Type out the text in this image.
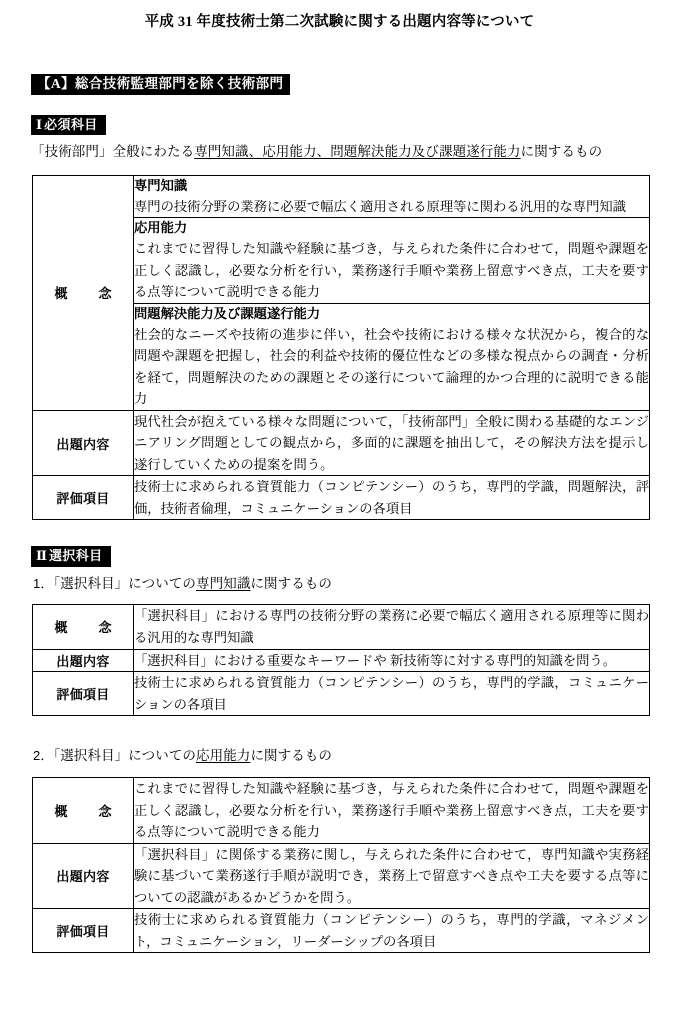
平成 31 年度技術士第二次試験に関する出題内容等について
【A】総合技術監理部門を除く技術部門
Ⅰ必須科目

「技術部門」全般にわたる専門知識、応用能力、問題解決能力及び課題遂行能力に関するもの

概　念	専門知識
専門の技術分野の業務に必要で幅広く適用される原理等に関わる汎用的な専門知識

	応用能力
これまでに習得した知識や経験に基づき，与えられた条件に合わせて，問題や課題を正しく認識し，必要な分析を行い，業務遂行手順や業務上留意すべき点，工夫を要する点等について説明できる能力

	問題解決能力及び課題遂行能力
社会的なニーズや技術の進歩に伴い，社会や技術における様々な状況から，複合的な問題や課題を把握し，社会的利益や技術的優位性などの多様な視点からの調査・分析を経て，問題解決のための課題とその遂行について論理的かつ合理的に説明できる能力

出題内容	現代社会が抱えている様々な問題について，「技術部門」全般に関わる基礎的なエンジニアリング問題としての観点から，多面的に課題を抽出して，その解決方法を提示し遂行していくための提案を問う。
評価項目	技術士に求められる資質能力（コンピテンシー）のうち，専門的学識，問題解決，評価，技術者倫理，コミュニケーションの各項目
Ⅱ選択科目

1．「選択科目」についての専門知識に関するもの

概　念	「選択科目」における専門の技術分野の業務に必要で幅広く適用される原理等に関わる汎用的な専門知識
出題内容	「選択科目」における重要なキーワードや 新技術等に対する専門的知識を問う。
評価項目	技術士に求められる資質能力（コンピテンシー）のうち，専門的学識，コミュニケーションの各項目

2．「選択科目」についての応用能力に関するもの

概　念	これまでに習得した知識や経験に基づき，与えられた条件に合わせて，問題や課題を正しく認識し，必要な分析を行い，業務遂行手順や業務上留意すべき点，工夫を要する点等について説明できる能力
出題内容	「選択科目」に関係する業務に関し，与えられた条件に合わせて，専門知識や実務経験に基づいて業務遂行手順が説明でき，業務上で留意すべき点や工夫を要する点等についての認識があるかどうかを問う。
評価項目	技術士に求められる資質能力（コンピテンシー）のうち，専門的学識，マネジメント，コミュニケーション，リーダーシップの各項目
